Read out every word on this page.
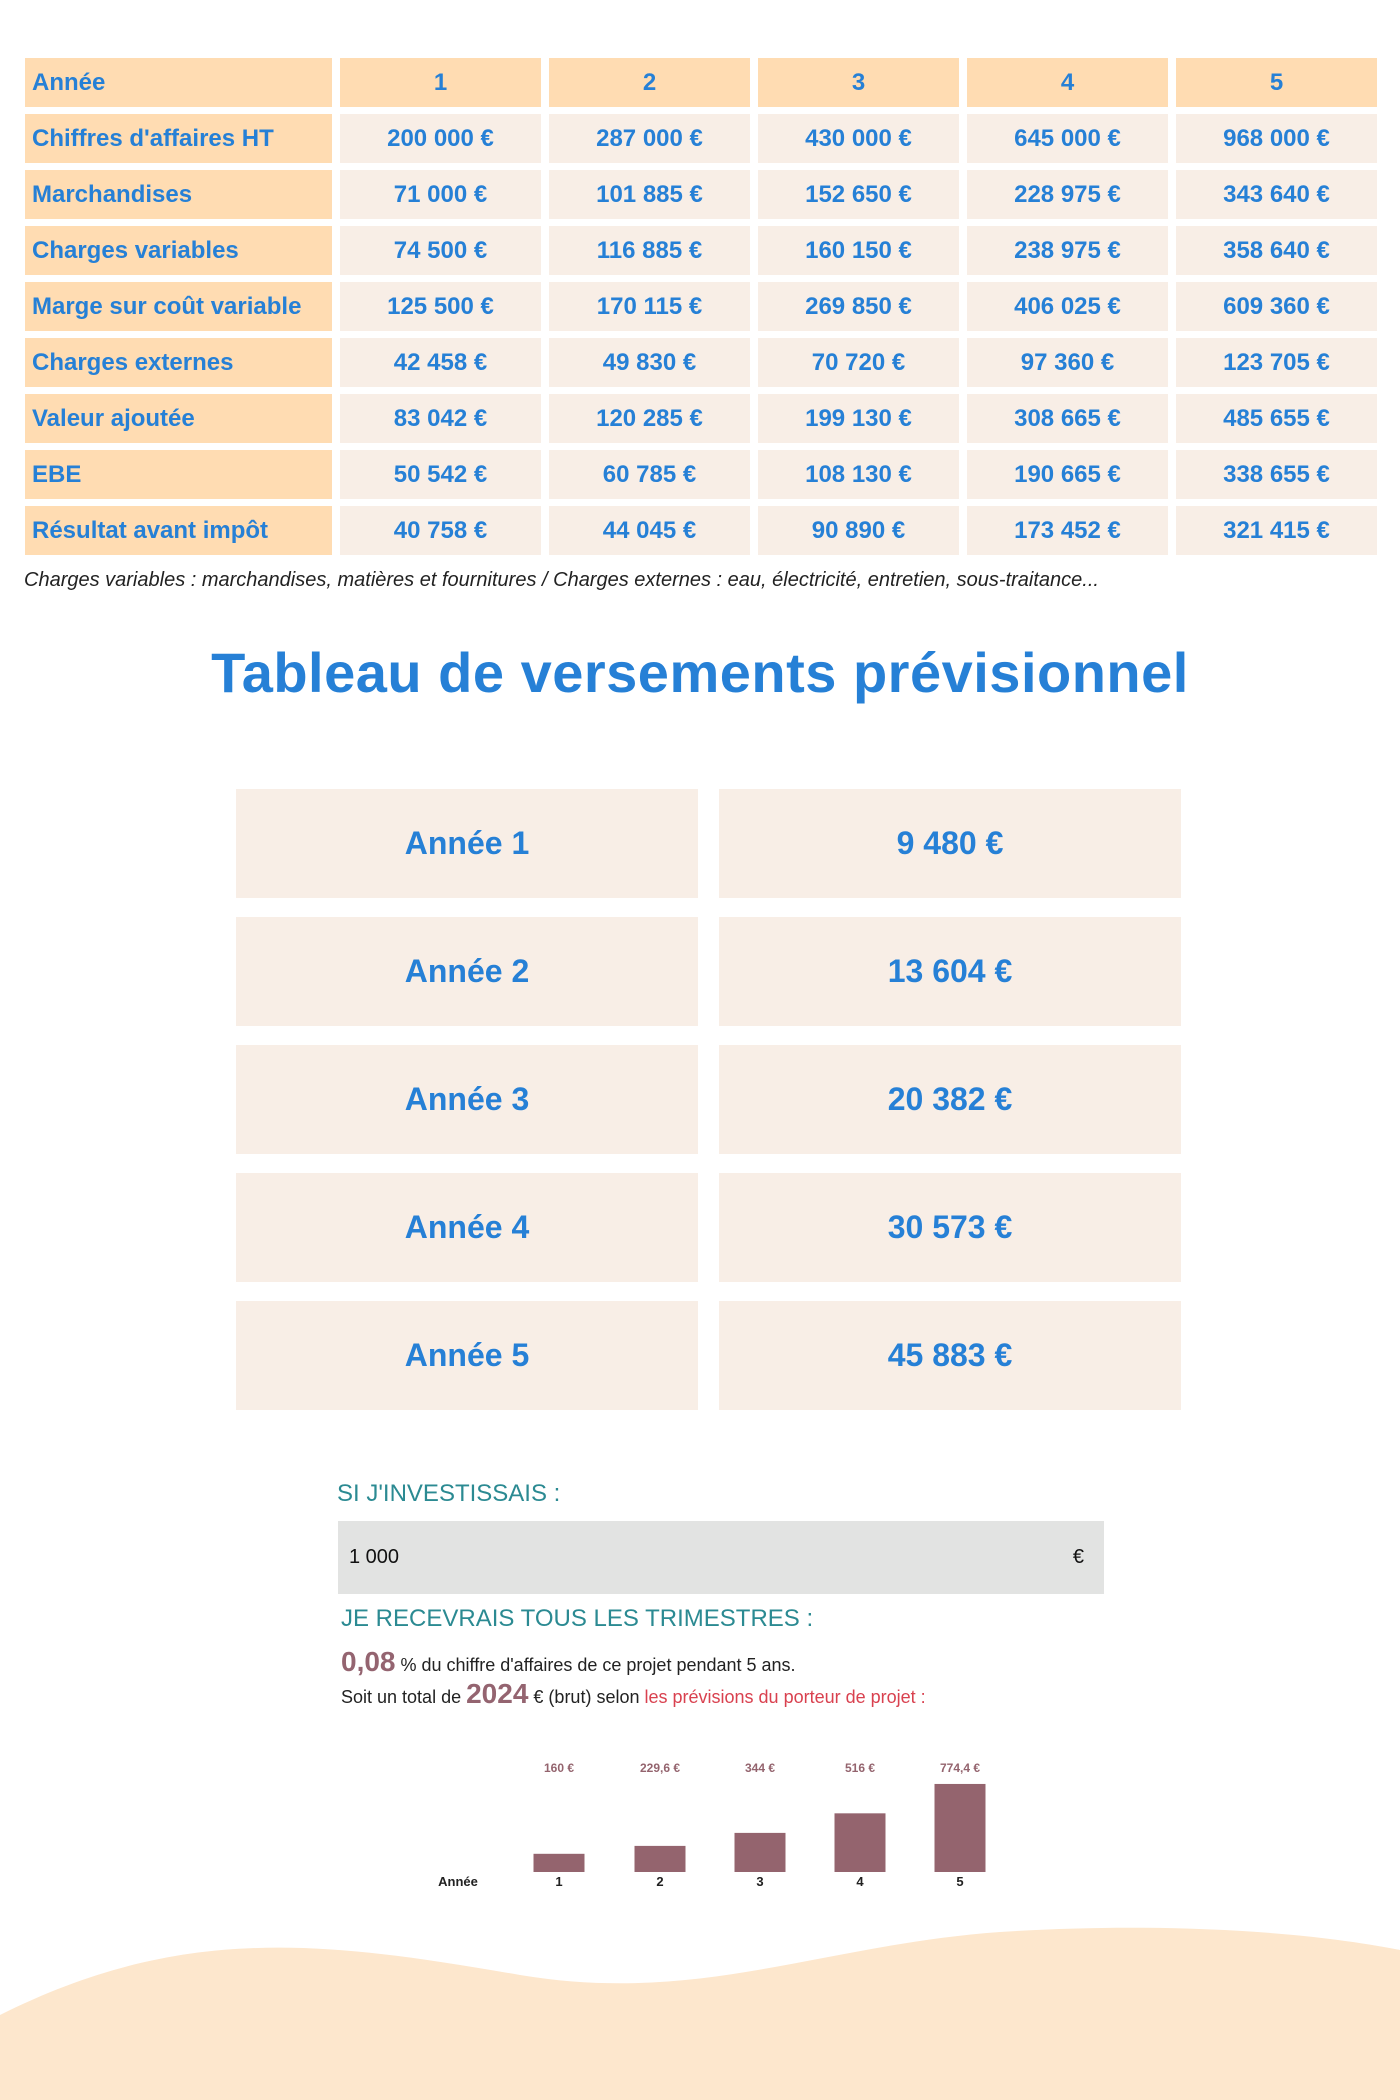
Année	1	2	3	4	5
Chiffres d'affaires HT	200 000 €	287 000 €	430 000 €	645 000 €	968 000 €
Marchandises	71 000 €	101 885 €	152 650 €	228 975 €	343 640 €
Charges variables	74 500 €	116 885 €	160 150 €	238 975 €	358 640 €
Marge sur coût variable	125 500 €	170 115 €	269 850 €	406 025 €	609 360 €
Charges externes	42 458 €	49 830 €	70 720 €	97 360 €	123 705 €
Valeur ajoutée	83 042 €	120 285 €	199 130 €	308 665 €	485 655 €
EBE	50 542 €	60 785 €	108 130 €	190 665 €	338 655 €
Résultat avant impôt	40 758 €	44 045 €	90 890 €	173 452 €	321 415 €
Charges variables : marchandises, matières et fournitures / Charges externes : eau, électricité, entretien, sous-traitance...
Tableau de versements prévisionnel
Année 1	9 480 €
Année 2	13 604 €
Année 3	20 382 €
Année 4	30 573 €
Année 5	45 883 €
SI J'INVESTISSAIS :
1 000	€
JE RECEVRAIS TOUS LES TRIMESTRES :
0,08 % du chiffre d'affaires de ce projet pendant 5 ans.
Soit un total de 2024 € (brut) selon les prévisions du porteur de projet :
Année
160 €
1
229,6 €
2
344 €
3
516 €
4
774,4 €
5
